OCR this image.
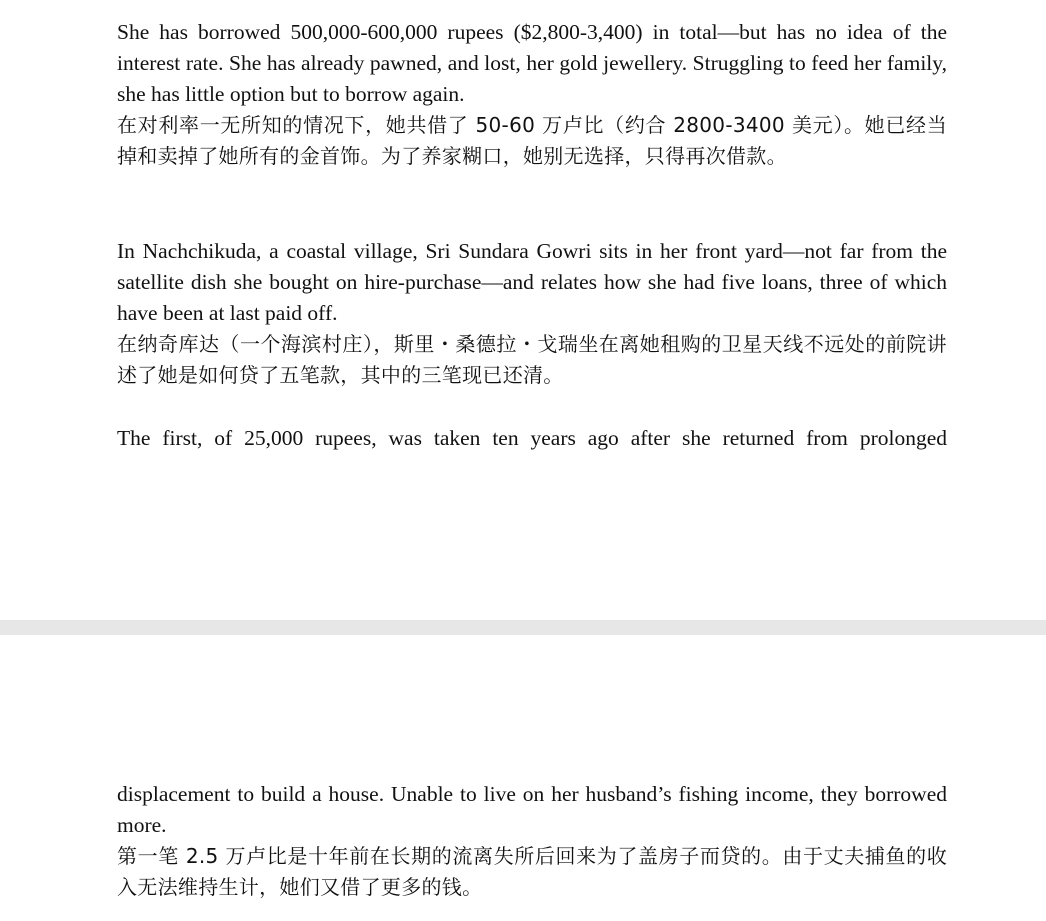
She has borrowed 500,000-600,000 rupees ($2,800-3,400) in total—but has no idea of the interest rate. She has already pawned, and lost, her gold jewellery. Struggling to feed her family, she has little option but to borrow again.

在对利率一无所知的情况下，她共借了 50-60 万卢比（约合 2800-3400 美元）。她已经当掉和卖掉了她所有的金首饰。为了养家糊口，她别无选择，只得再次借款。

In Nachchikuda, a coastal village, Sri Sundara Gowri sits in her front yard—not far from the satellite dish she bought on hire-purchase—and relates how she had five loans, three of which have been at last paid off.

在纳奇库达（一个海滨村庄），斯里・桑德拉・戈瑞坐在离她租购的卫星天线不远处的前院讲述了她是如何贷了五笔款，其中的三笔现已还清。

The first, of 25,000 rupees, was taken ten years ago after she returned from prolonged

displacement to build a house. Unable to live on her husband’s fishing income, they borrowed more.

第一笔 2.5 万卢比是十年前在长期的流离失所后回来为了盖房子而贷的。由于丈夫捕鱼的收入无法维持生计，她们又借了更多的钱。
